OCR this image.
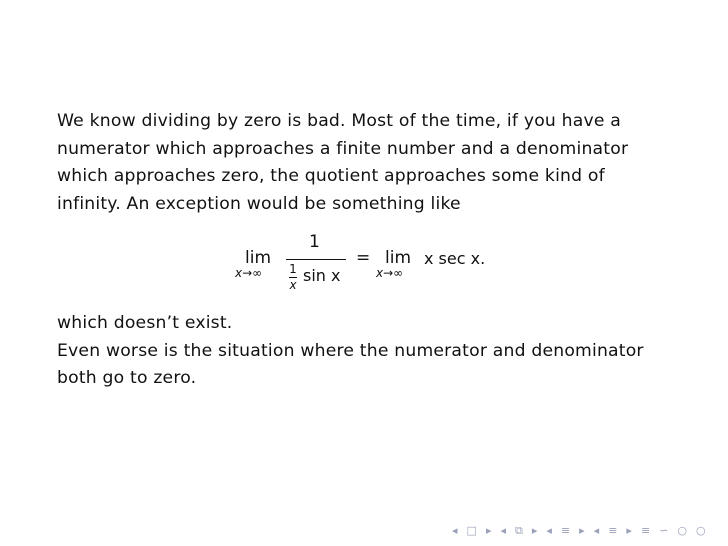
We know dividing by zero is bad. Most of the time, if you have a
numerator which approaches a finite number and a denominator
which approaches zero, the quotient approaches some kind of
infinity. An exception would be something like
lim
x→∞
1
1
x sin x
= lim
x→∞
x sec x.
which doesn’t exist.
Even worse is the situation where the numerator and denominator
both go to zero.
◂ □ ▸ ◂ ⧉ ▸ ◂ ≡ ▸ ◂ ≡ ▸ ≡ ∽ ○ ○
